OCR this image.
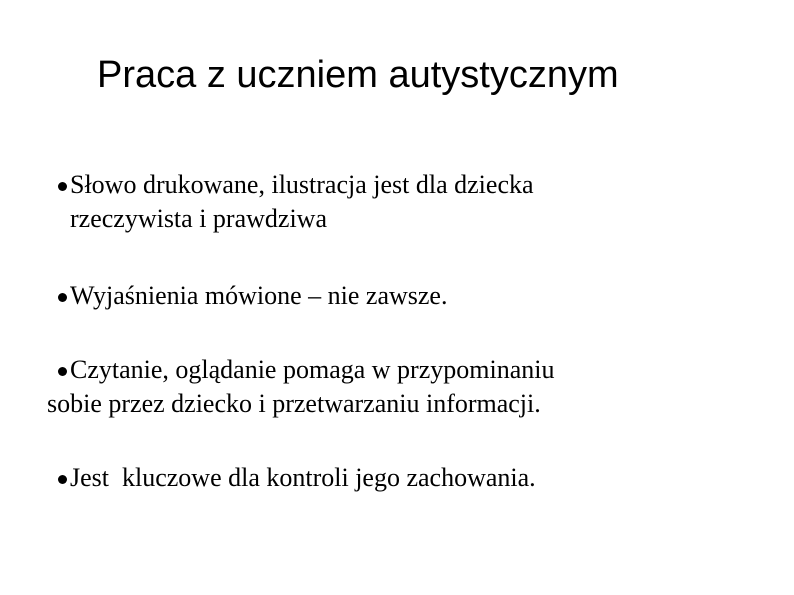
Praca z uczniem autystycznym
Słowo drukowane, ilustracja jest dla dziecka
rzeczywista i prawdziwa
Wyjaśnienia mówione – nie zawsze.
Czytanie, oglądanie pomaga w przypominaniu
sobie przez dziecko i przetwarzaniu informacji.
Jest  kluczowe dla kontroli jego zachowania.
